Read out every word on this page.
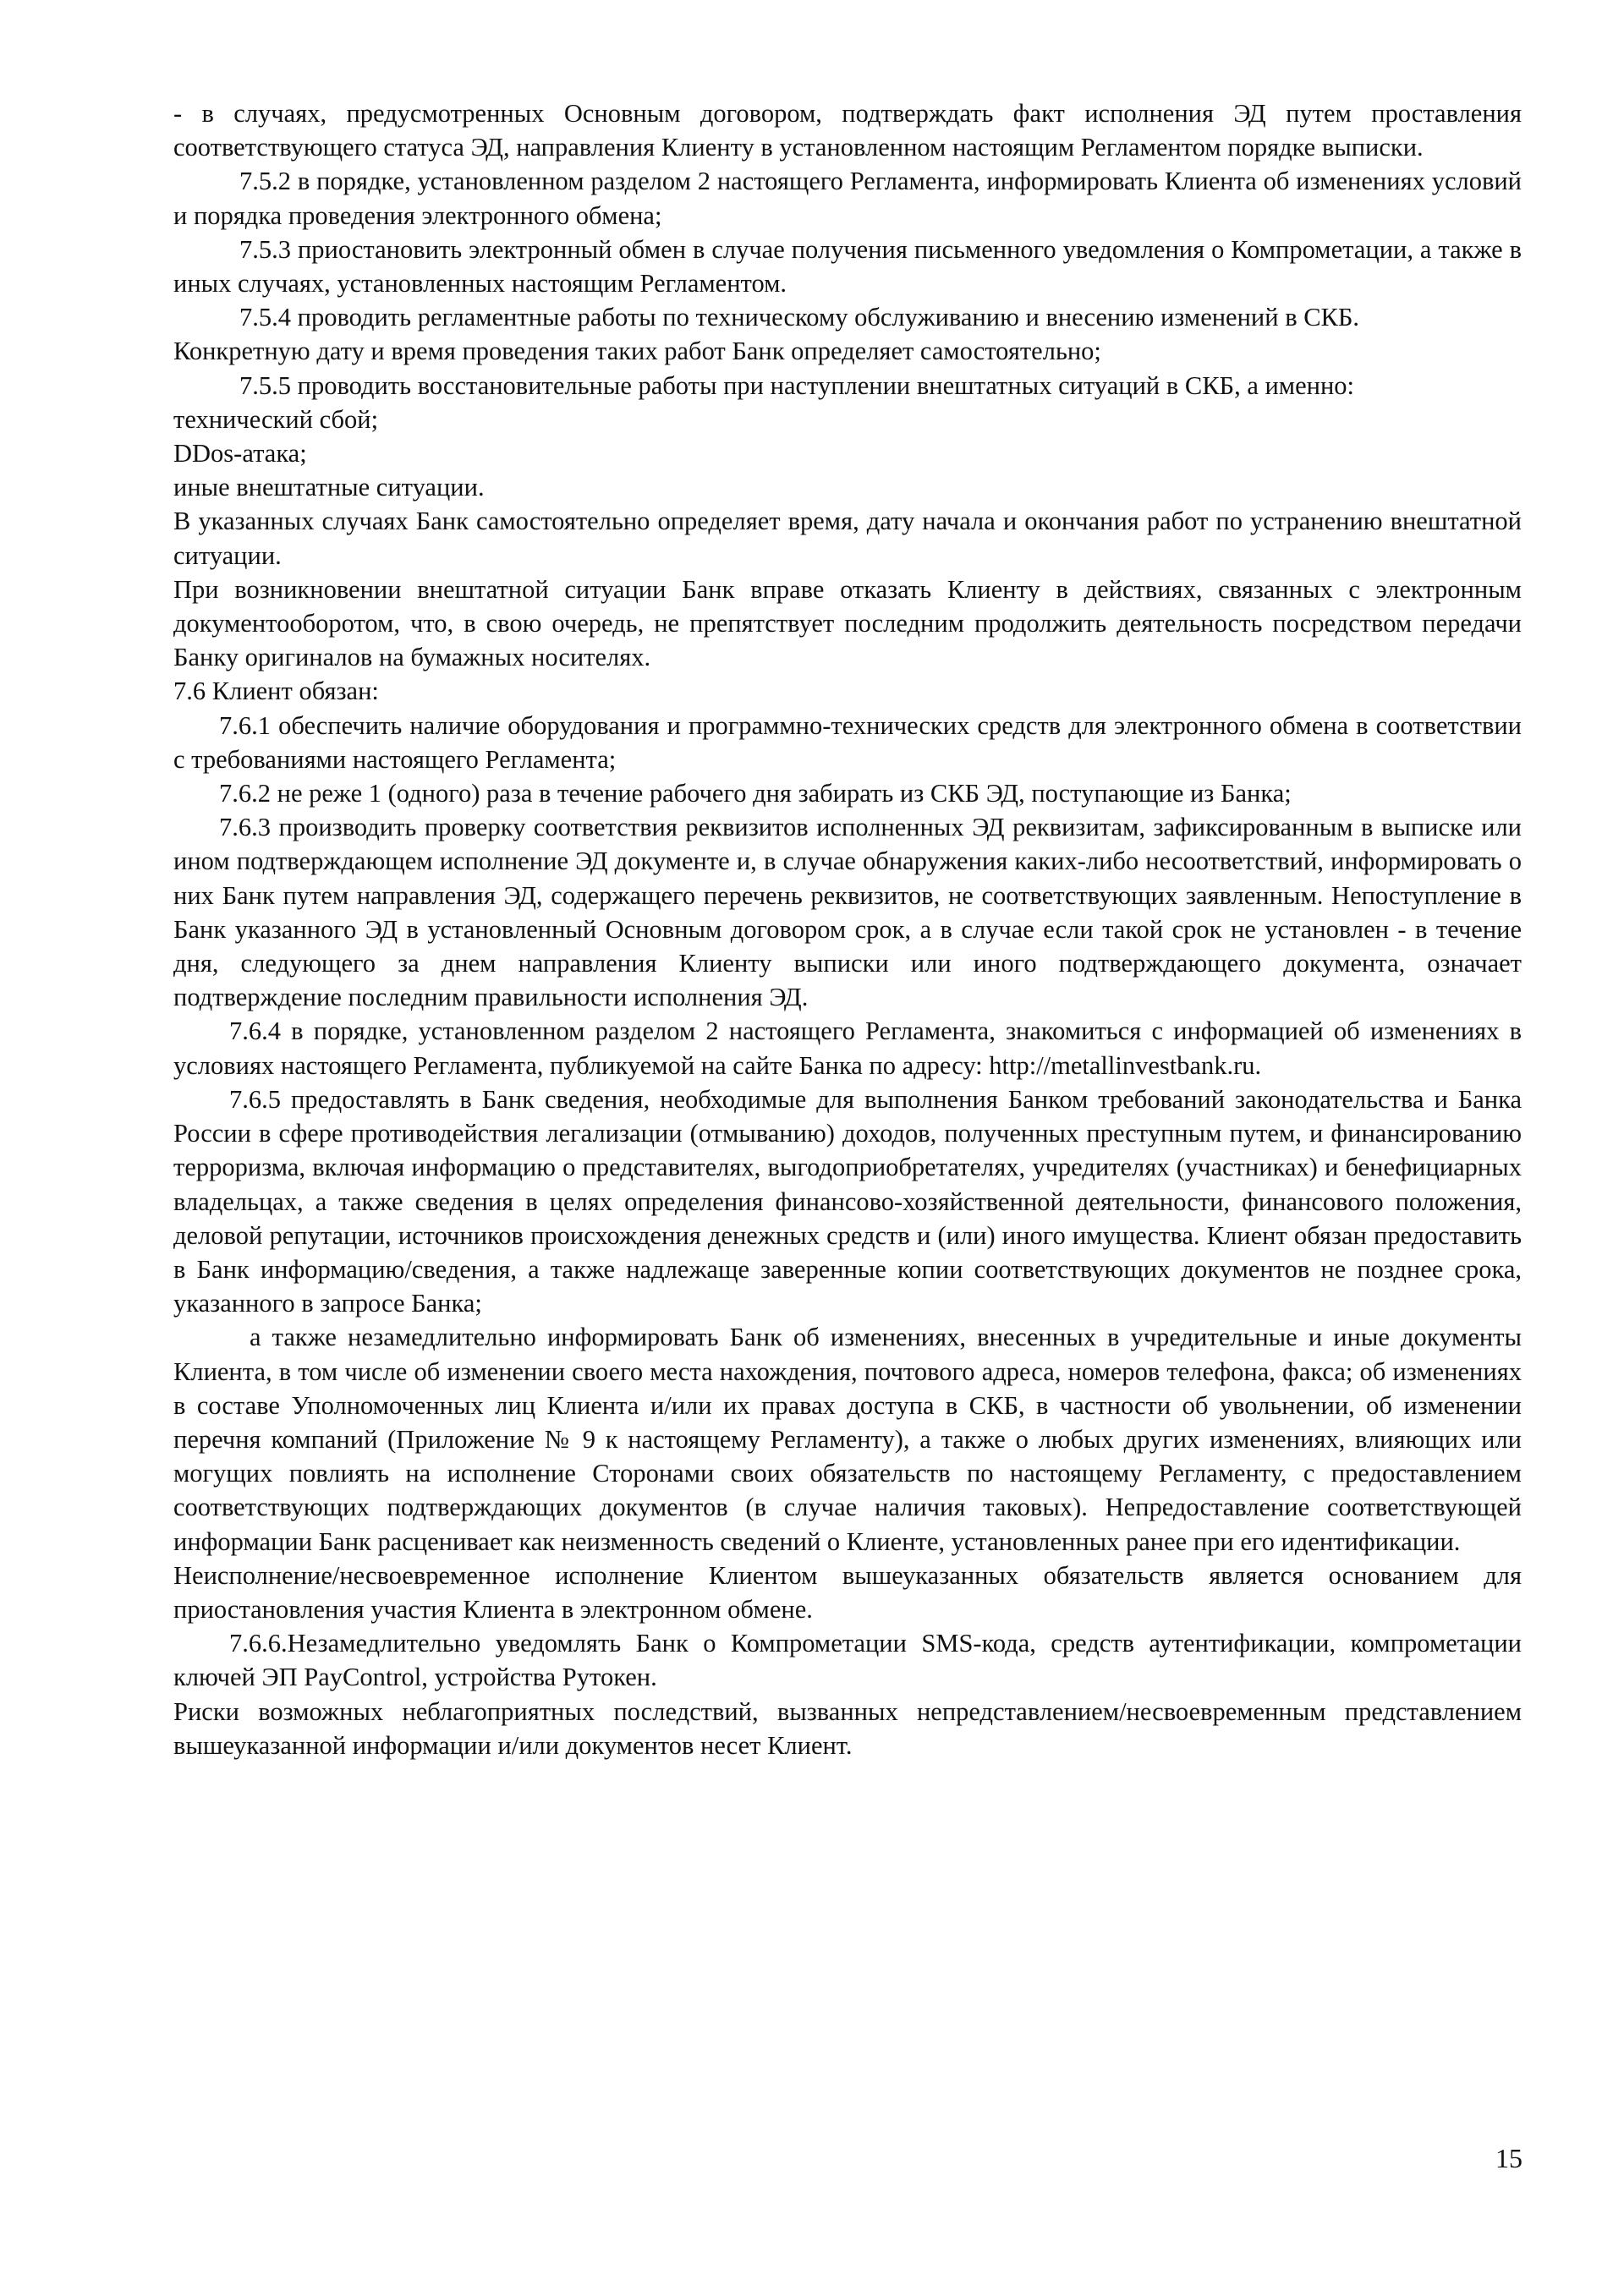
- в случаях, предусмотренных Основным договором, подтверждать факт исполнения ЭД путем проставления соответствующего статуса ЭД, направления Клиенту в установленном настоящим Регламентом порядке выписки.

7.5.2 в порядке, установленном разделом 2 настоящего Регламента, информировать Клиента об изменениях условий и порядка проведения электронного обмена;

7.5.3 приостановить электронный обмен в случае получения письменного уведомления о Компрометации, а также в иных случаях, установленных настоящим Регламентом.

7.5.4 проводить регламентные работы по техническому обслуживанию и внесению изменений в СКБ.

Конкретную дату и время проведения таких работ Банк определяет самостоятельно;

7.5.5 проводить восстановительные работы при наступлении внештатных ситуаций в СКБ, а именно:

технический сбой;

DDos-атака;

иные внештатные ситуации.

В указанных случаях Банк самостоятельно определяет время, дату начала и окончания работ по устранению внештатной ситуации.

При возникновении внештатной ситуации Банк вправе отказать Клиенту в действиях, связанных с электронным документооборотом, что, в свою очередь, не препятствует последним продолжить деятельность посредством передачи Банку оригиналов на бумажных носителях.

7.6 Клиент обязан:

7.6.1 обеспечить наличие оборудования и программно-технических средств для электронного обмена в соответствии с требованиями настоящего Регламента;

7.6.2 не реже 1 (одного) раза в течение рабочего дня забирать из СКБ ЭД, поступающие из Банка;

7.6.3 производить проверку соответствия реквизитов исполненных ЭД реквизитам, зафиксированным в выписке или ином подтверждающем исполнение ЭД документе и, в случае обнаружения каких-либо несоответствий, информировать о них Банк путем направления ЭД, содержащего перечень реквизитов, не соответствующих заявленным. Непоступление в Банк указанного ЭД в установленный Основным договором срок, а в случае если такой срок не установлен - в течение дня, следующего за днем направления Клиенту выписки или иного подтверждающего документа, означает подтверждение последним правильности исполнения ЭД.

7.6.4 в порядке, установленном разделом 2 настоящего Регламента, знакомиться с информацией об изменениях в условиях настоящего Регламента, публикуемой на сайте Банка по адресу: http://metallinvestbank.ru.

7.6.5 предоставлять в Банк сведения, необходимые для выполнения Банком требований законодательства и Банка России в сфере противодействия легализации (отмыванию) доходов, полученных преступным путем, и финансированию терроризма, включая информацию о представителях, выгодоприобретателях, учредителях (участниках) и бенефициарных владельцах, а также сведения в целях определения финансово-хозяйственной деятельности, финансового положения, деловой репутации, источников происхождения денежных средств и (или) иного имущества. Клиент обязан предоставить в Банк информацию/сведения, а также надлежаще заверенные копии соответствующих документов не позднее срока, указанного в запросе Банка;

а также незамедлительно информировать Банк об изменениях, внесенных в учредительные и иные документы Клиента, в том числе об изменении своего места нахождения, почтового адреса, номеров телефона, факса; об изменениях в составе Уполномоченных лиц Клиента и/или их правах доступа в СКБ, в частности об увольнении, об изменении перечня компаний (Приложение № 9 к настоящему Регламенту), а также о любых других изменениях, влияющих или могущих повлиять на исполнение Сторонами своих обязательств по настоящему Регламенту, с предоставлением соответствующих подтверждающих документов (в случае наличия таковых). Непредоставление соответствующей информации Банк расценивает как неизменность сведений о Клиенте, установленных ранее при его идентификации.

Неисполнение/несвоевременное исполнение Клиентом вышеуказанных обязательств является основанием для приостановления участия Клиента в электронном обмене.

7.6.6.Незамедлительно уведомлять Банк о Компрометации SMS-кода, средств аутентификации, компрометации ключей ЭП PayControl, устройства Рутокен.

Риски возможных неблагоприятных последствий, вызванных непредставлением/несвоевременным представлением вышеуказанной информации и/или документов несет Клиент.

15
